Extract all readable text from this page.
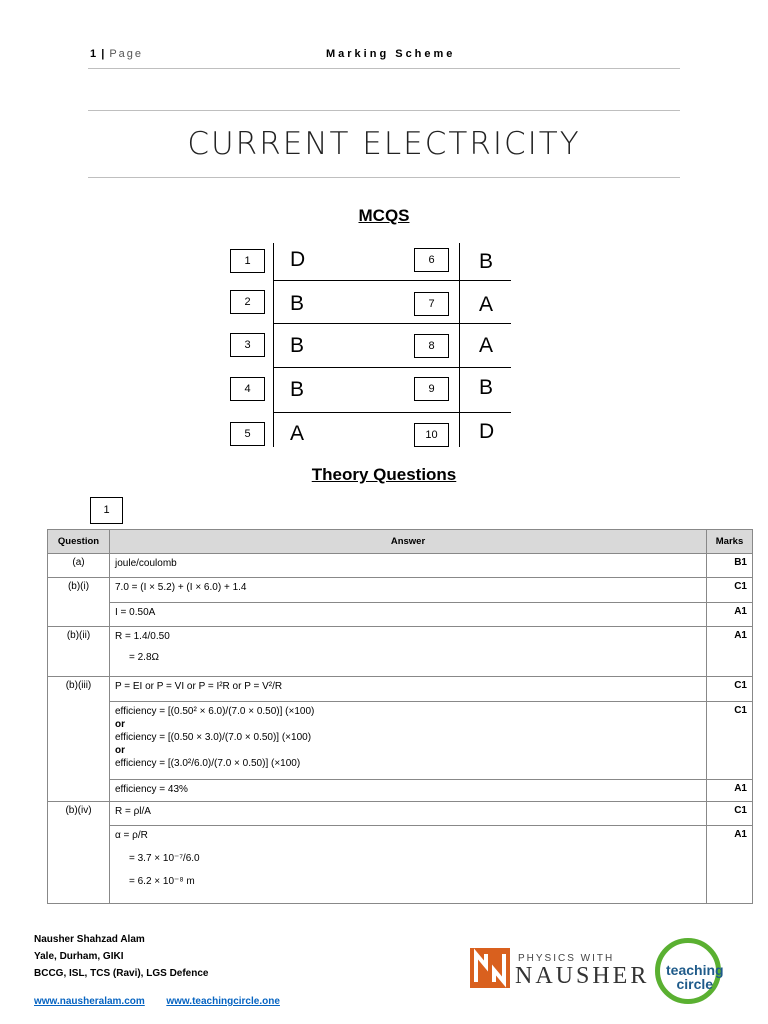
1 | Page	Marking Scheme
CURRENT ELECTRICITY
MCQS
1	D
2	B
3	B
4	B
5	A
6	B
7	A
8	A
9	B
10	D
Theory Questions
1
Question	Answer	Marks
(a)	joule/coulomb	B1
(b)(i)	7.0 = (I × 5.2) + (I × 6.0) + 1.4	C1
	I = 0.50A	A1
(b)(ii)	R = 1.4/0.50
= 2.8Ω	A1
(b)(iii)	P = EI or P = VI or P = I²R or P = V²/R	C1

	efficiency = [(0.50² × 6.0)/(7.0 × 0.50)] (×100)
or
efficiency = [(0.50 × 3.0)/(7.0 × 0.50)] (×100)
or
efficiency = [(3.0²/6.0)/(7.0 × 0.50)] (×100)	C1
	efficiency = 43%	A1
(b)(iv)	R = ρl/A	C1

	α = ρ/R
= 3.7 × 10⁻⁷/6.0
= 6.2 × 10⁻⁸ m	A1
Nausher Shahzad Alam
Yale, Durham, GIKI
BCCG, ISL, TCS (Ravi), LGS Defence
www.nausheralam.com www.teachingcircle.one
PHYSICS WITH
NAUSHER teaching
circle
